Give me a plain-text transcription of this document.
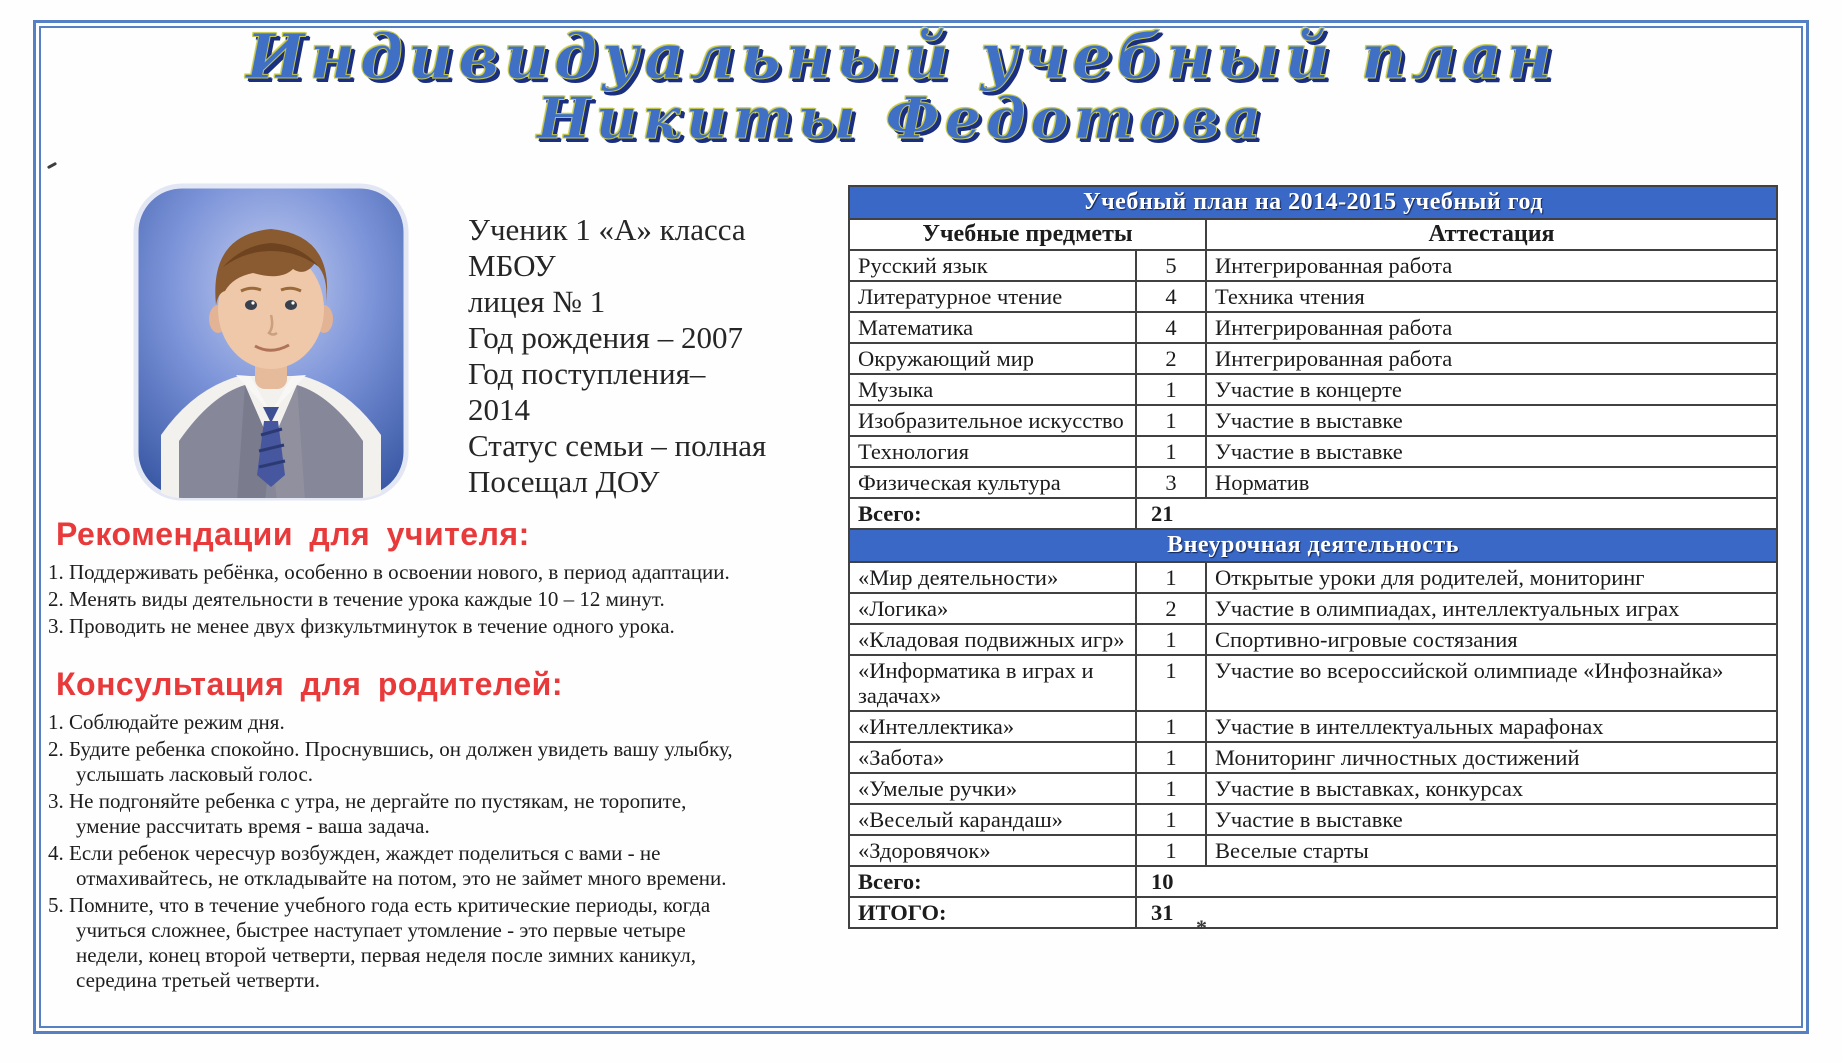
Индивидуальный учебный план
Никиты Федотова
Ученик 1 «А» класса
МБОУ
лицея № 1
Год рождения – 2007
Год поступления–
2014
Статус семьи – полная
Посещал ДОУ
Рекомендации для учителя:
1. Поддерживать ребёнка, особенно в освоении нового, в период адаптации.
2. Менять виды деятельности в течение урока каждые 10 – 12 минут.
3. Проводить не менее двух физкультминуток в течение одного урока.
Консультация для родителей:
1. Соблюдайте режим дня.
2. Будите ребенка спокойно. Проснувшись, он должен увидеть вашу улыбку, услышать ласковый голос.
3. Не подгоняйте ребенка с утра, не дергайте по пустякам, не торопите, умение рассчитать время - ваша задача.
4. Если ребенок чересчур возбужден, жаждет поделиться с вами - не отмахивайтесь, не откладывайте на потом, это не займет много времени.
5. Помните, что в течение учебного года есть критические периоды, когда учиться сложнее, быстрее наступает утомление - это первые четыре недели, конец второй четверти, первая неделя после зимних каникул, середина третьей четверти.
Учебный план на 2014-2015 учебный год		
Учебные предметы		Аттестация
Русский язык	5	Интегрированная работа
Литературное чтение	4	Техника чтения
Математика	4	Интегрированная работа
Окружающий мир	2	Интегрированная работа
Музыка	1	Участие в концерте
Изобразительное искусство	1	Участие в выставке
Технология	1	Участие в выставке
Физическая культура	3	Норматив
Всего:	21	
Внеурочная деятельность		
«Мир деятельности»	1	Открытые уроки для родителей, мониторинг
«Логика»	2	Участие в олимпиадах, интеллектуальных играх
«Кладовая подвижных игр»	1	Спортивно-игровые состязания
«Информатика в играх и задачах»	1	Участие во всероссийской олимпиаде «Инфознайка»
«Интеллектика»	1	Участие в интеллектуальных марафонах
«Забота»	1	Мониторинг личностных достижений
«Умелые ручки»	1	Участие в выставках, конкурсах
«Веселый карандаш»	1	Участие в выставке
«Здоровячок»	1	Веселые старты
Всего:	10	
ИТОГО:	31	
*
